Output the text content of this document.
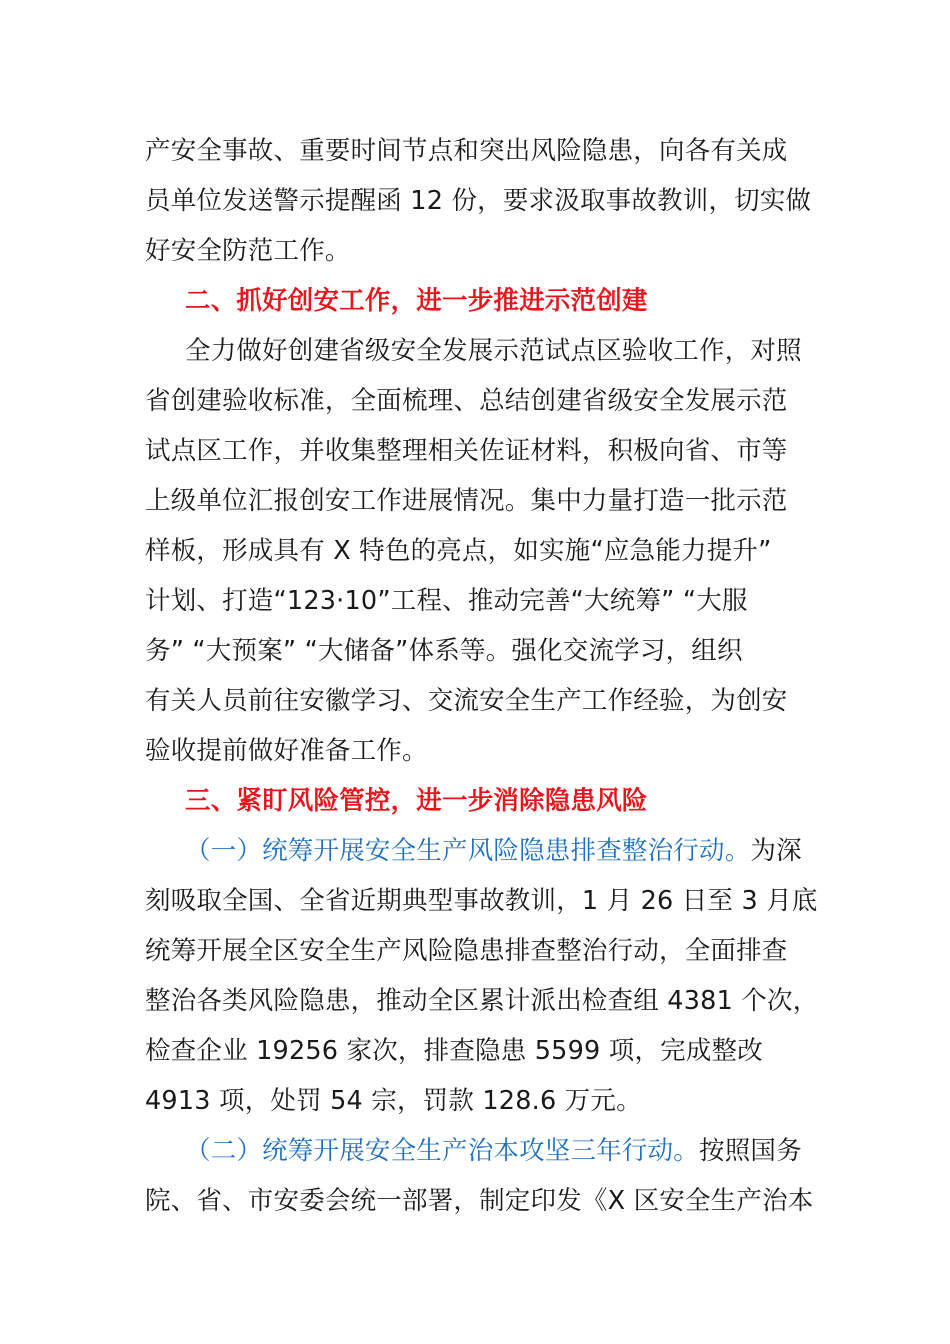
产安全事故、重要时间节点和突出风险隐患，向各有关成
员单位发送警示提醒函 12 份，要求汲取事故教训，切实做
好安全防范工作。
二、抓好创安工作，进一步推进示范创建
全力做好创建省级安全发展示范试点区验收工作，对照
省创建验收标准，全面梳理、总结创建省级安全发展示范
试点区工作，并收集整理相关佐证材料，积极向省、市等
上级单位汇报创安工作进展情况。集中力量打造一批示范
样板，形成具有 X 特色的亮点，如实施“应急能力提升”
计划、打造“123·10”工程、推动完善“大统筹” “大服
务” “大预案” “大储备”体系等。强化交流学习，组织
有关人员前往安徽学习、交流安全生产工作经验，为创安
验收提前做好准备工作。
三、紧盯风险管控，进一步消除隐患风险
（一）统筹开展安全生产风险隐患排查整治行动。为深
刻吸取全国、全省近期典型事故教训，1 月 26 日至 3 月底
统筹开展全区安全生产风险隐患排查整治行动，全面排查
整治各类风险隐患，推动全区累计派出检查组 4381 个次，
检查企业 19256 家次，排查隐患 5599 项，完成整改
4913 项，处罚 54 宗，罚款 128.6 万元。
（二）统筹开展安全生产治本攻坚三年行动。按照国务
院、省、市安委会统一部署，制定印发《X 区安全生产治本
